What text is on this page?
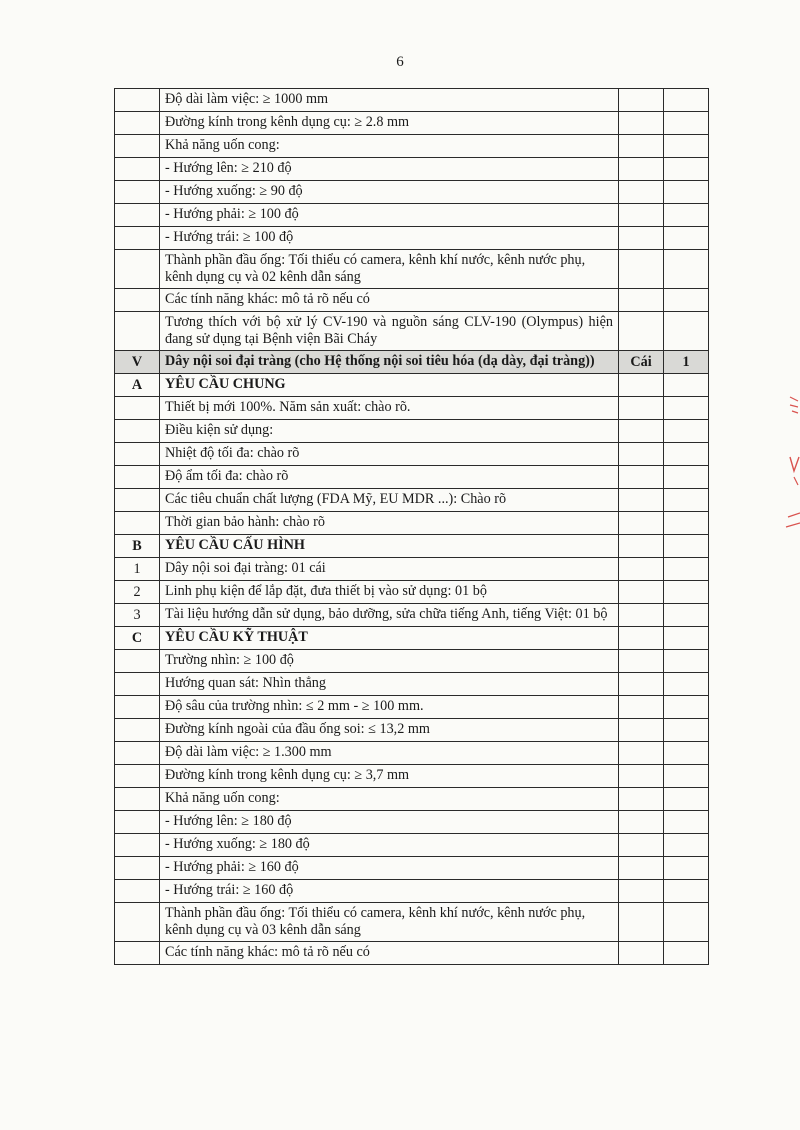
6
	Độ dài làm việc: ≥ 1000 mm		
	Đường kính trong kênh dụng cụ: ≥ 2.8 mm		
	Khả năng uốn cong:		
	- Hướng lên: ≥ 210 độ		
	- Hướng xuống: ≥ 90 độ		
	- Hướng phải: ≥ 100 độ		
	- Hướng trái: ≥ 100 độ		
	Thành phần đầu ống: Tối thiểu có camera, kênh khí nước, kênh nước phụ, kênh dụng cụ và 02 kênh dẫn sáng		
	Các tính năng khác: mô tả rõ nếu có		
	Tương thích với bộ xử lý CV-190 và nguồn sáng CLV-190 (Olympus) hiện đang sử dụng tại Bệnh viện Bãi Cháy		
V	Dây nội soi đại tràng (cho Hệ thống nội soi tiêu hóa (dạ dày, đại tràng))	Cái	1
A	YÊU CẦU CHUNG		
	Thiết bị mới 100%. Năm sản xuất: chào rõ.		
	Điều kiện sử dụng:		
	Nhiệt độ tối đa: chào rõ		
	Độ ẩm tối đa: chào rõ		
	Các tiêu chuẩn chất lượng (FDA Mỹ, EU MDR ...): Chào rõ		
	Thời gian bảo hành: chào rõ		
B	YÊU CẦU CẤU HÌNH		
1	Dây nội soi đại tràng: 01 cái		
2	Linh phụ kiện để lắp đặt, đưa thiết bị vào sử dụng: 01 bộ		
3	Tài liệu hướng dẫn sử dụng, bảo dưỡng, sửa chữa tiếng Anh, tiếng Việt: 01 bộ		
C	YÊU CẦU KỸ THUẬT		
	Trường nhìn: ≥ 100 độ		
	Hướng quan sát: Nhìn thẳng		
	Độ sâu của trường nhìn: ≤ 2 mm - ≥ 100 mm.		
	Đường kính ngoài của đầu ống soi: ≤ 13,2 mm		
	Độ dài làm việc: ≥ 1.300 mm		
	Đường kính trong kênh dụng cụ: ≥ 3,7 mm		
	Khả năng uốn cong:		
	- Hướng lên: ≥ 180 độ		
	- Hướng xuống: ≥ 180 độ		
	- Hướng phải: ≥ 160 độ		
	- Hướng trái: ≥ 160 độ		
	Thành phần đầu ống: Tối thiểu có camera, kênh khí nước, kênh nước phụ, kênh dụng cụ và 03 kênh dẫn sáng		
	Các tính năng khác: mô tả rõ nếu có		
